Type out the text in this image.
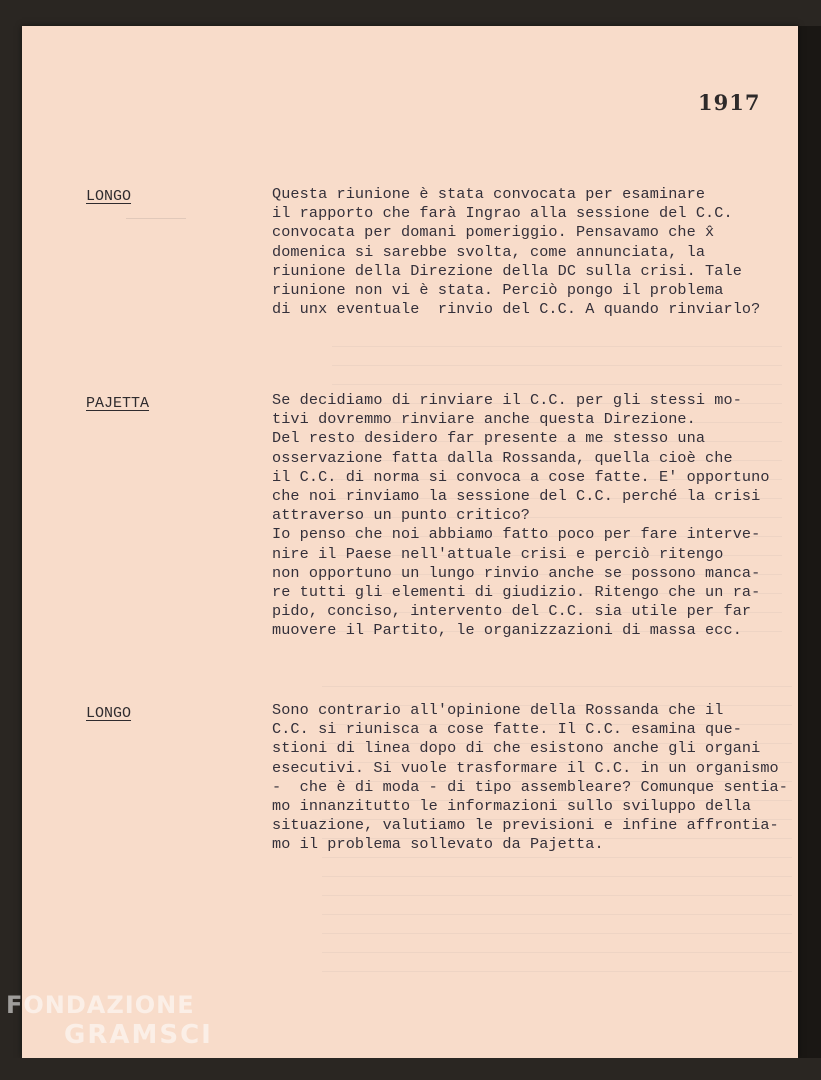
1917
LONGO	Questa riunione è stata convocata per esaminare
il rapporto che farà Ingrao alla sessione del C.C.
convocata per domani pomeriggio. Pensavamo che x̂
domenica si sarebbe svolta, come annunciata, la
riunione della Direzione della DC sulla crisi. Tale
riunione non vi è stata. Perciò pongo il problema
di unx eventuale  rinvio del C.C. A quando rinviarlo?
PAJETTA	Se decidiamo di rinviare il C.C. per gli stessi mo-
tivi dovremmo rinviare anche questa Direzione.
Del resto desidero far presente a me stesso una
osservazione fatta dalla Rossanda, quella cioè che
il C.C. di norma si convoca a cose fatte. E' opportuno
che noi rinviamo la sessione del C.C. perché la crisi
attraverso un punto critico?
Io penso che noi abbiamo fatto poco per fare interve-
nire il Paese nell'attuale crisi e perciò ritengo
non opportuno un lungo rinvio anche se possono manca-
re tutti gli elementi di giudizio. Ritengo che un ra-
pido, conciso, intervento del C.C. sia utile per far
muovere il Partito, le organizzazioni di massa ecc.
LONGO	Sono contrario all'opinione della Rossanda che il
C.C. si riunisca a cose fatte. Il C.C. esamina que-
stioni di linea dopo di che esistono anche gli organi
esecutivi. Si vuole trasformare il C.C. in un organismo
-  che è di moda - di tipo assembleare? Comunque sentia-
mo innanzitutto le informazioni sullo sviluppo della
situazione, valutiamo le previsioni e infine affrontia-
mo il problema sollevato da Pajetta.
FONDAZIONE
GRAMSCI
